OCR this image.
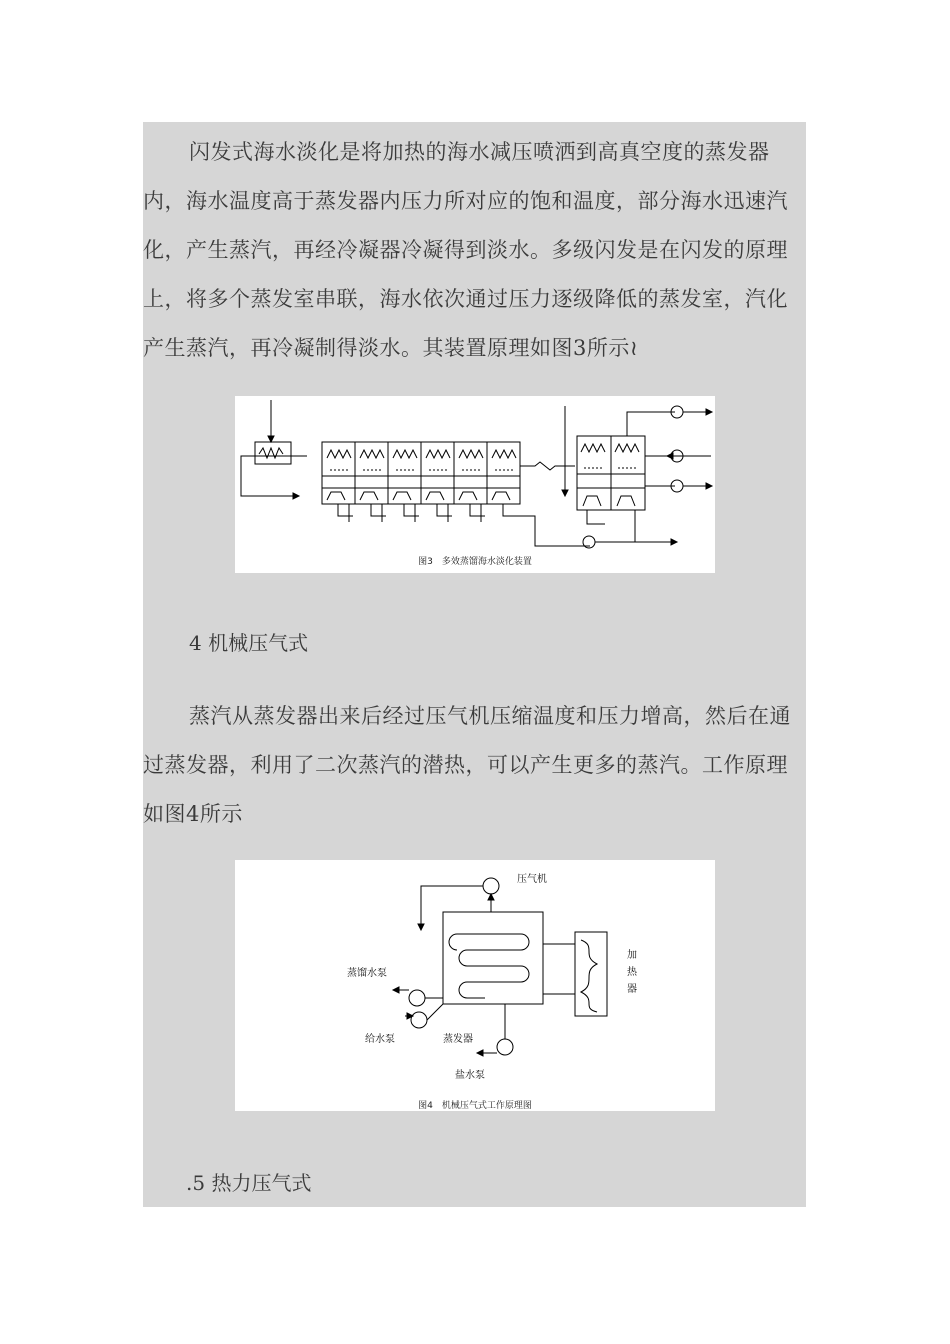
闪发式海水淡化是将加热的海水减压喷洒到高真空度的蒸发器内，海水温度高于蒸发器内压力所对应的饱和温度，部分海水迅速汽化，产生蒸汽，再经冷凝器冷凝得到淡水。多级闪发是在闪发的原理上，将多个蒸发室串联，海水依次通过压力逐级降低的蒸发室，汽化产生蒸汽，再冷凝制得淡水。其装置原理如图3所示≀

图3　多效蒸馏海水淡化装置
4 机械压气式

蒸汽从蒸发器出来后经过压气机压缩温度和压力增高，然后在通过蒸发器，利用了二次蒸汽的潜热，可以产生更多的蒸汽。工作原理如图4所示

压气机
加
热
器
蒸馏水泵
给水泵	蒸发器
盐水泵
图4　机械压气式工作原理图
.5 热力压气式
